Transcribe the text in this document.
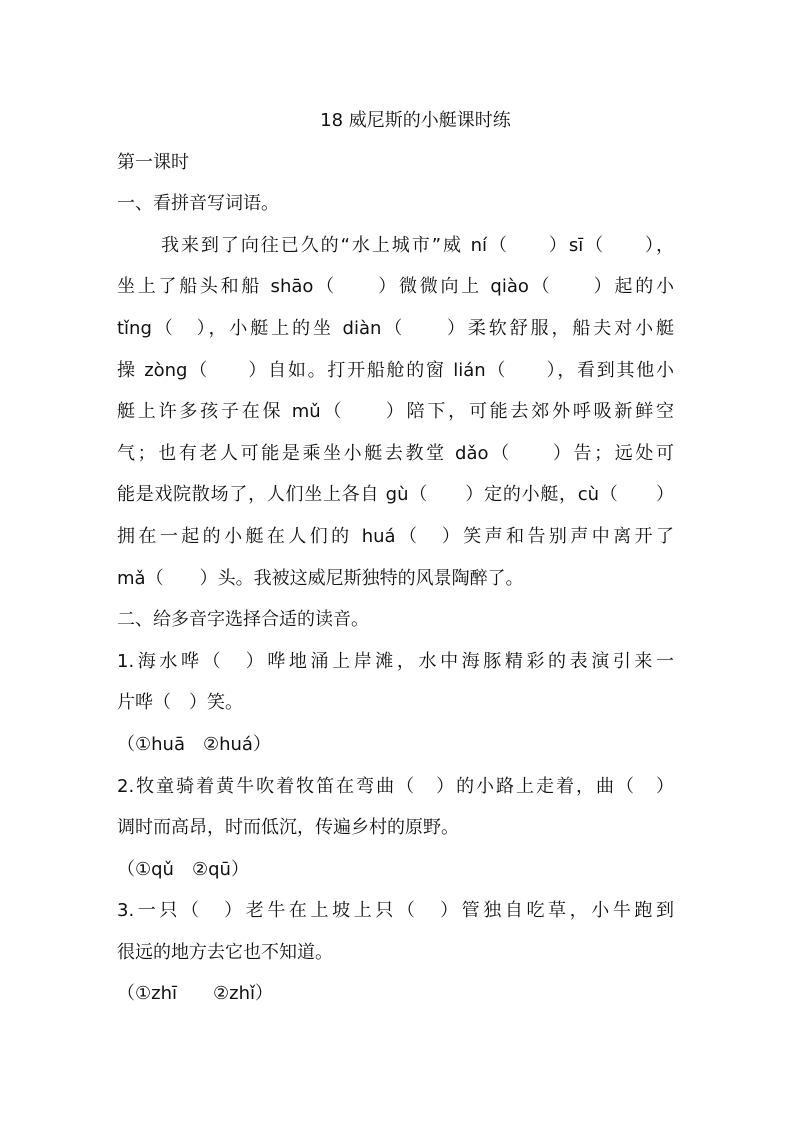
18 威尼斯的小艇课时练
第一课时
一、看拼音写词语。
我来到了向往已久的“水上城市”威 ní（　　）sī（　　），
坐上了船头和船 shāo（　　）微微向上 qiào（　　）起的小
tǐng（　），小艇上的坐 diàn（　　）柔软舒服，船夫对小艇
操 zòng（　　）自如。打开船舱的窗 lián（　　），看到其他小
艇上许多孩子在保 mǔ（　　）陪下，可能去郊外呼吸新鲜空
气；也有老人可能是乘坐小艇去教堂 dǎo（　　）告；远处可
能是戏院散场了，人们坐上各自 gù（　　）定的小艇，cù（　　）
拥在一起的小艇在人们的 huá（　）笑声和告别声中离开了
mǎ（　　）头。我被这威尼斯独特的风景陶醉了。
二、给多音字选择合适的读音。
1.海水哗（　）哗地涌上岸滩，水中海豚精彩的表演引来一
片哗（　）笑。
（①huā　②huá）
2.牧童骑着黄牛吹着牧笛在弯曲（　）的小路上走着，曲（　）
调时而高昂，时而低沉，传遍乡村的原野。
（①qǔ　②qū）
3.一只（　）老牛在上坡上只（　）管独自吃草，小牛跑到
很远的地方去它也不知道。
（①zhī　　②zhǐ）
